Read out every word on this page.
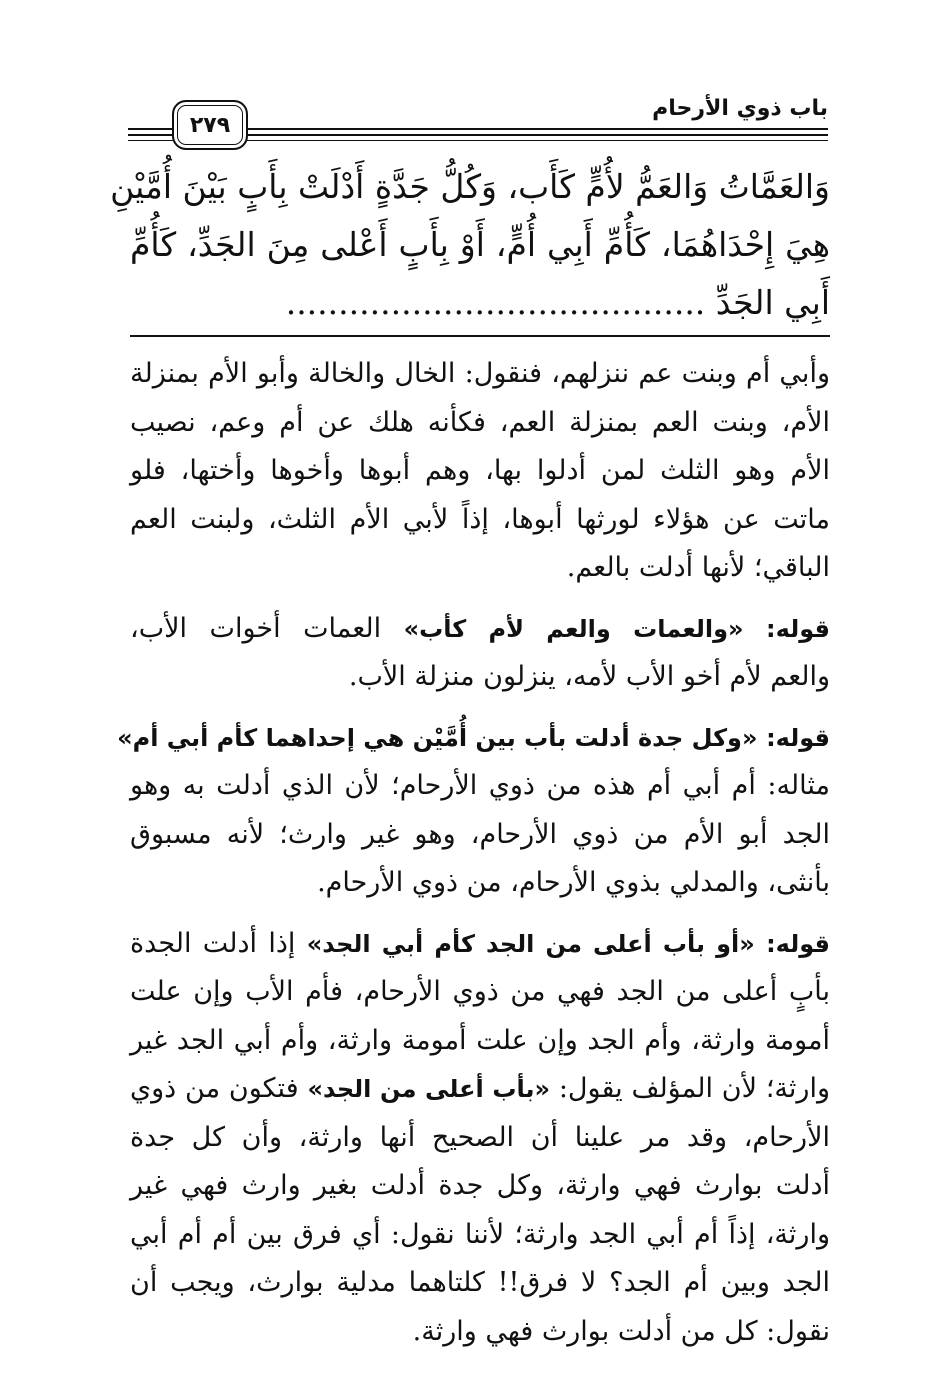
باب ذوي الأرحام
٢٧٩
وَالعَمَّاتُ وَالعَمُّ لأُمٍّ كَأَب، وَكُلُّ جَدَّةٍ أَدْلَتْ بِأَبٍ بَيْنَ أُمَّيْنِ
هِيَ إِحْدَاهُمَا، كَأُمِّ أَبِي أُمٍّ، أَوْ بِأَبٍ أَعْلى مِنَ الجَدِّ، كَأُمِّ
أَبِي الجَدِّ ........................................
وأبي أم وبنت عم ننزلهم، فنقول: الخال والخالة وأبو الأم بمنزلة
الأم، وبنت العم بمنزلة العم، فكأنه هلك عن أم وعم، نصيب
الأم وهو الثلث لمن أدلوا بها، وهم أبوها وأخوها وأختها، فلو
ماتت عن هؤلاء لورثها أبوها، إذاً لأبي الأم الثلث، ولبنت العم
الباقي؛ لأنها أدلت بالعم.
قوله: «والعمات والعم لأم كأب» العمات أخوات الأب،
والعم لأم أخو الأب لأمه، ينزلون منزلة الأب.
قوله: «وكل جدة أدلت بأب بين أُمَّيْن هي إحداهما كأم أبي أم»
مثاله: أم أبي أم هذه من ذوي الأرحام؛ لأن الذي أدلت به وهو
الجد أبو الأم من ذوي الأرحام، وهو غير وارث؛ لأنه مسبوق
بأنثى، والمدلي بذوي الأرحام، من ذوي الأرحام.
قوله: «أو بأب أعلى من الجد كأم أبي الجد» إذا أدلت الجدة
بأبٍ أعلى من الجد فهي من ذوي الأرحام، فأم الأب وإن علت
أمومة وارثة، وأم الجد وإن علت أمومة وارثة، وأم أبي الجد غير
وارثة؛ لأن المؤلف يقول: «بأب أعلى من الجد» فتكون من ذوي
الأرحام، وقد مر علينا أن الصحيح أنها وارثة، وأن كل جدة
أدلت بوارث فهي وارثة، وكل جدة أدلت بغير وارث فهي غير
وارثة، إذاً أم أبي الجد وارثة؛ لأننا نقول: أي فرق بين أم أم أبي
الجد وبين أم الجد؟ لا فرق!! كلتاهما مدلية بوارث، ويجب أن
نقول: كل من أدلت بوارث فهي وارثة.
